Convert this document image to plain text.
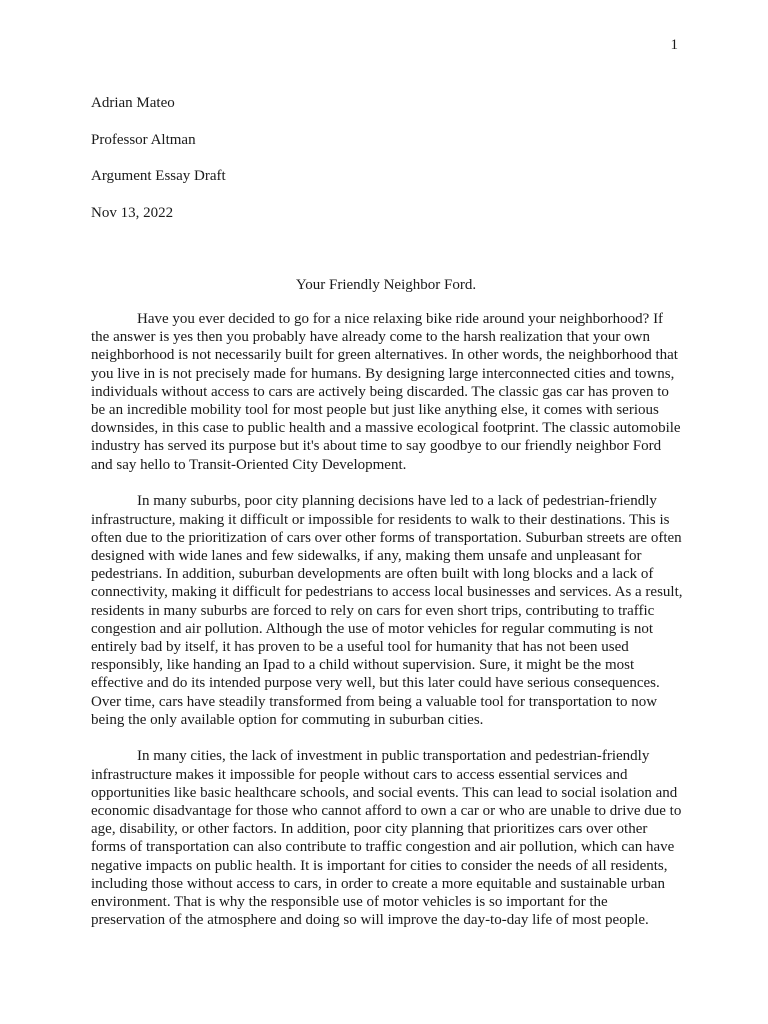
1
Adrian Mateo
Professor Altman
Argument Essay Draft
Nov 13, 2022
Your Friendly Neighbor Ford.

Have you ever decided to go for a nice relaxing bike ride around your neighborhood? If the answer is yes then you probably have already come to the harsh realization that your own neighborhood is not necessarily built for green alternatives. In other words, the neighborhood that you live in is not precisely made for humans. By designing large interconnected cities and towns, individuals without access to cars are actively being discarded. The classic gas car has proven to be an incredible mobility tool for most people but just like anything else, it comes with serious downsides, in this case to public health and a massive ecological footprint. The classic automobile industry has served its purpose but it's about time to say goodbye to our friendly neighbor Ford and say hello to Transit-Oriented City Development.

In many suburbs, poor city planning decisions have led to a lack of pedestrian-friendly infrastructure, making it difficult or impossible for residents to walk to their destinations. This is often due to the prioritization of cars over other forms of transportation. Suburban streets are often designed with wide lanes and few sidewalks, if any, making them unsafe and unpleasant for pedestrians. In addition, suburban developments are often built with long blocks and a lack of connectivity, making it difficult for pedestrians to access local businesses and services. As a result, residents in many suburbs are forced to rely on cars for even short trips, contributing to traffic congestion and air pollution. Although the use of motor vehicles for regular commuting is not entirely bad by itself, it has proven to be a useful tool for humanity that has not been used responsibly, like handing an Ipad to a child without supervision. Sure, it might be the most effective and do its intended purpose very well, but this later could have serious consequences. Over time, cars have steadily transformed from being a valuable tool for transportation to now being the only available option for commuting in suburban cities.

In many cities, the lack of investment in public transportation and pedestrian-friendly infrastructure makes it impossible for people without cars to access essential services and opportunities like basic healthcare schools, and social events. This can lead to social isolation and economic disadvantage for those who cannot afford to own a car or who are unable to drive due to age, disability, or other factors. In addition, poor city planning that prioritizes cars over other forms of transportation can also contribute to traffic congestion and air pollution, which can have negative impacts on public health. It is important for cities to consider the needs of all residents, including those without access to cars, in order to create a more equitable and sustainable urban environment. That is why the responsible use of motor vehicles is so important for the preservation of the atmosphere and doing so will improve the day-to-day life of most people.
